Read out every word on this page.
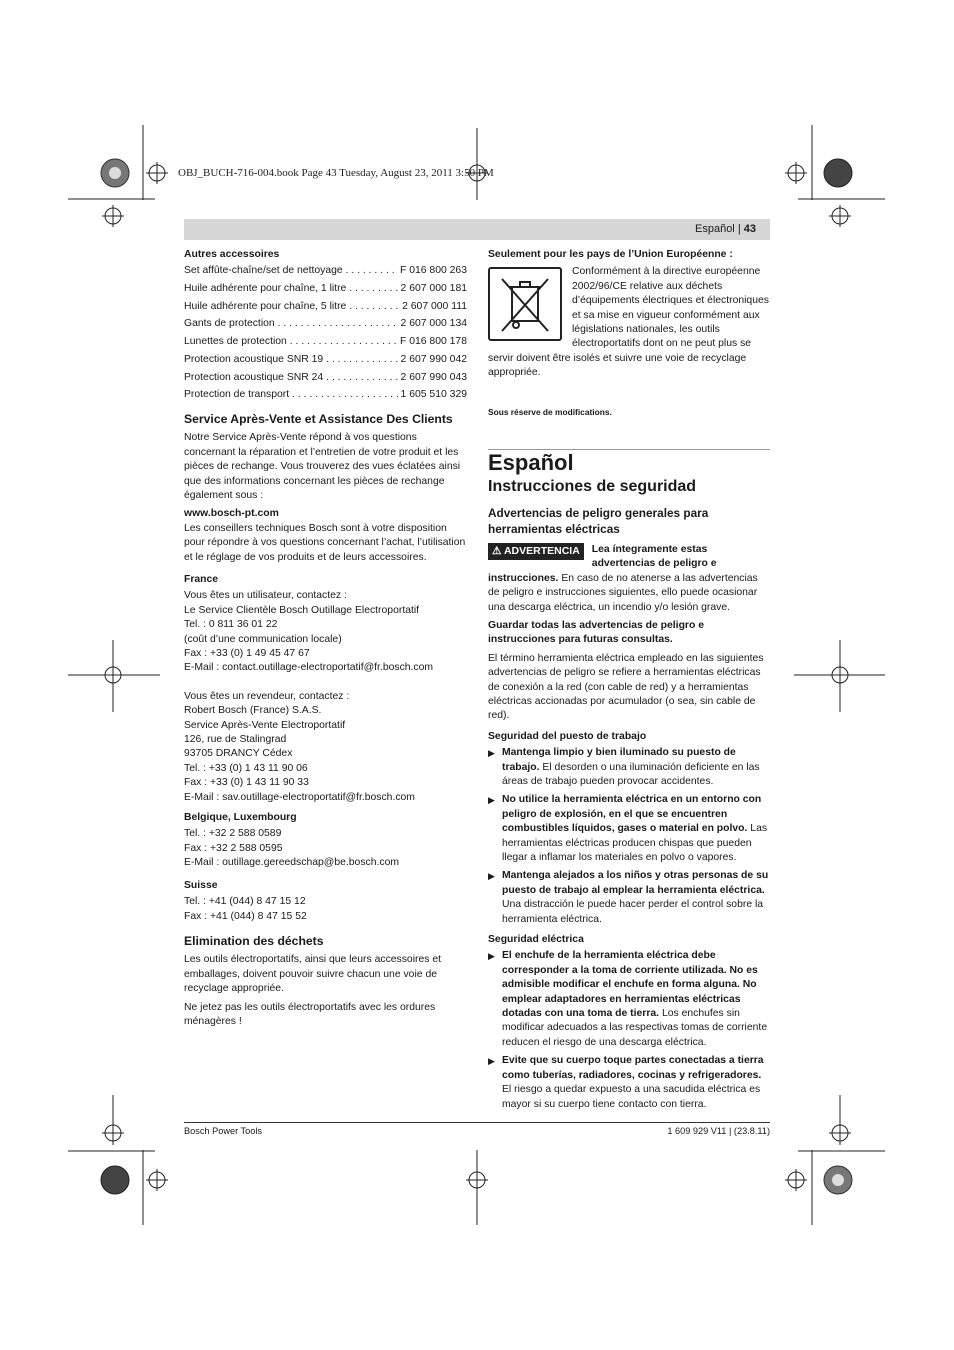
OBJ_BUCH-716-004.book Page 43 Tuesday, August 23, 2011 3:50 PM
Español | 43
Autres accessoires
Set affûte-chaîne/set de nettoyage . . .	F 016 800 263
Huile adhérente pour chaîne, 1 litre . . .	2 607 000 181
Huile adhérente pour chaîne, 5 litre . . .	2 607 000 111
Gants de protection . . .	2 607 000 134
Lunettes de protection . . .	F 016 800 178
Protection acoustique SNR 19 . . .	2 607 990 042
Protection acoustique SNR 24 . . .	2 607 990 043
Protection de transport . . .	1 605 510 329
Service Après-Vente et Assistance Des Clients
Notre Service Après-Vente répond à vos questions concernant la réparation et l’entretien de votre produit et les pièces de rechange. Vous trouverez des vues éclatées ainsi que des informations concernant les pièces de rechange également sous :
www.bosch-pt.com
Les conseillers techniques Bosch sont à votre disposition pour répondre à vos questions concernant l’achat, l’utilisation et le réglage de vos produits et de leurs accessoires.
France
Vous êtes un utilisateur, contactez :
Le Service Clientèle Bosch Outillage Electroportatif
Tel. : 0 811 36 01 22
(coût d’une communication locale)
Fax : +33 (0) 1 49 45 47 67
E-Mail : contact.outillage-electroportatif@fr.bosch.com
Vous êtes un revendeur, contactez :
Robert Bosch (France) S.A.S.
Service Après-Vente Electroportatif
126, rue de Stalingrad
93705 DRANCY Cédex
Tel. : +33 (0) 1 43 11 90 06
Fax : +33 (0) 1 43 11 90 33
E-Mail : sav.outillage-electroportatif@fr.bosch.com
Belgique, Luxembourg
Tel. : +32 2 588 0589
Fax : +32 2 588 0595
E-Mail : outillage.gereedschap@be.bosch.com
Suisse
Tel. : +41 (044) 8 47 15 12
Fax : +41 (044) 8 47 15 52
Elimination des déchets
Les outils électroportatifs, ainsi que leurs accessoires et emballages, doivent pouvoir suivre chacun une voie de recyclage appropriée.
Ne jetez pas les outils électroportatifs avec les ordures ménagères !
Seulement pour les pays de l’Union Européenne :
Conformément à la directive européenne 2002/96/CE relative aux déchets d’équipements électriques et électroniques et sa mise en vigueur conformément aux législations nationales, les outils électroportatifs dont on ne peut plus se servir doivent être isolés et suivre une voie de recyclage appropriée.
Sous réserve de modifications.
Español
Instrucciones de seguridad
Advertencias de peligro generales para herramientas eléctricas
⚠ ADVERTENCIA	Lea íntegramente estas advertencias de peligro e instrucciones. En caso de no atenerse a las advertencias de peligro e instrucciones siguientes, ello puede ocasionar una descarga eléctrica, un incendio y/o lesión grave.
Guardar todas las advertencias de peligro e instrucciones para futuras consultas.
El término herramienta eléctrica empleado en las siguientes advertencias de peligro se refiere a herramientas eléctricas de conexión a la red (con cable de red) y a herramientas eléctricas accionadas por acumulador (o sea, sin cable de red).
Seguridad del puesto de trabajo
▶ Mantenga limpio y bien iluminado su puesto de trabajo. El desorden o una iluminación deficiente en las áreas de trabajo pueden provocar accidentes.
▶ No utilice la herramienta eléctrica en un entorno con peligro de explosión, en el que se encuentren combustibles líquidos, gases o material en polvo. Las herramientas eléctricas producen chispas que pueden llegar a inflamar los materiales en polvo o vapores.
▶ Mantenga alejados a los niños y otras personas de su puesto de trabajo al emplear la herramienta eléctrica. Una distracción le puede hacer perder el control sobre la herramienta eléctrica.
Seguridad eléctrica
▶ El enchufe de la herramienta eléctrica debe corresponder a la toma de corriente utilizada. No es admisible modificar el enchufe en forma alguna. No emplear adaptadores en herramientas eléctricas dotadas con una toma de tierra. Los enchufes sin modificar adecuados a las respectivas tomas de corriente reducen el riesgo de una descarga eléctrica.
▶ Evite que su cuerpo toque partes conectadas a tierra como tuberías, radiadores, cocinas y refrigeradores. El riesgo a quedar expuesto a una sacudida eléctrica es mayor si su cuerpo tiene contacto con tierra.
Bosch Power Tools	1 609 929 V11 | (23.8.11)
